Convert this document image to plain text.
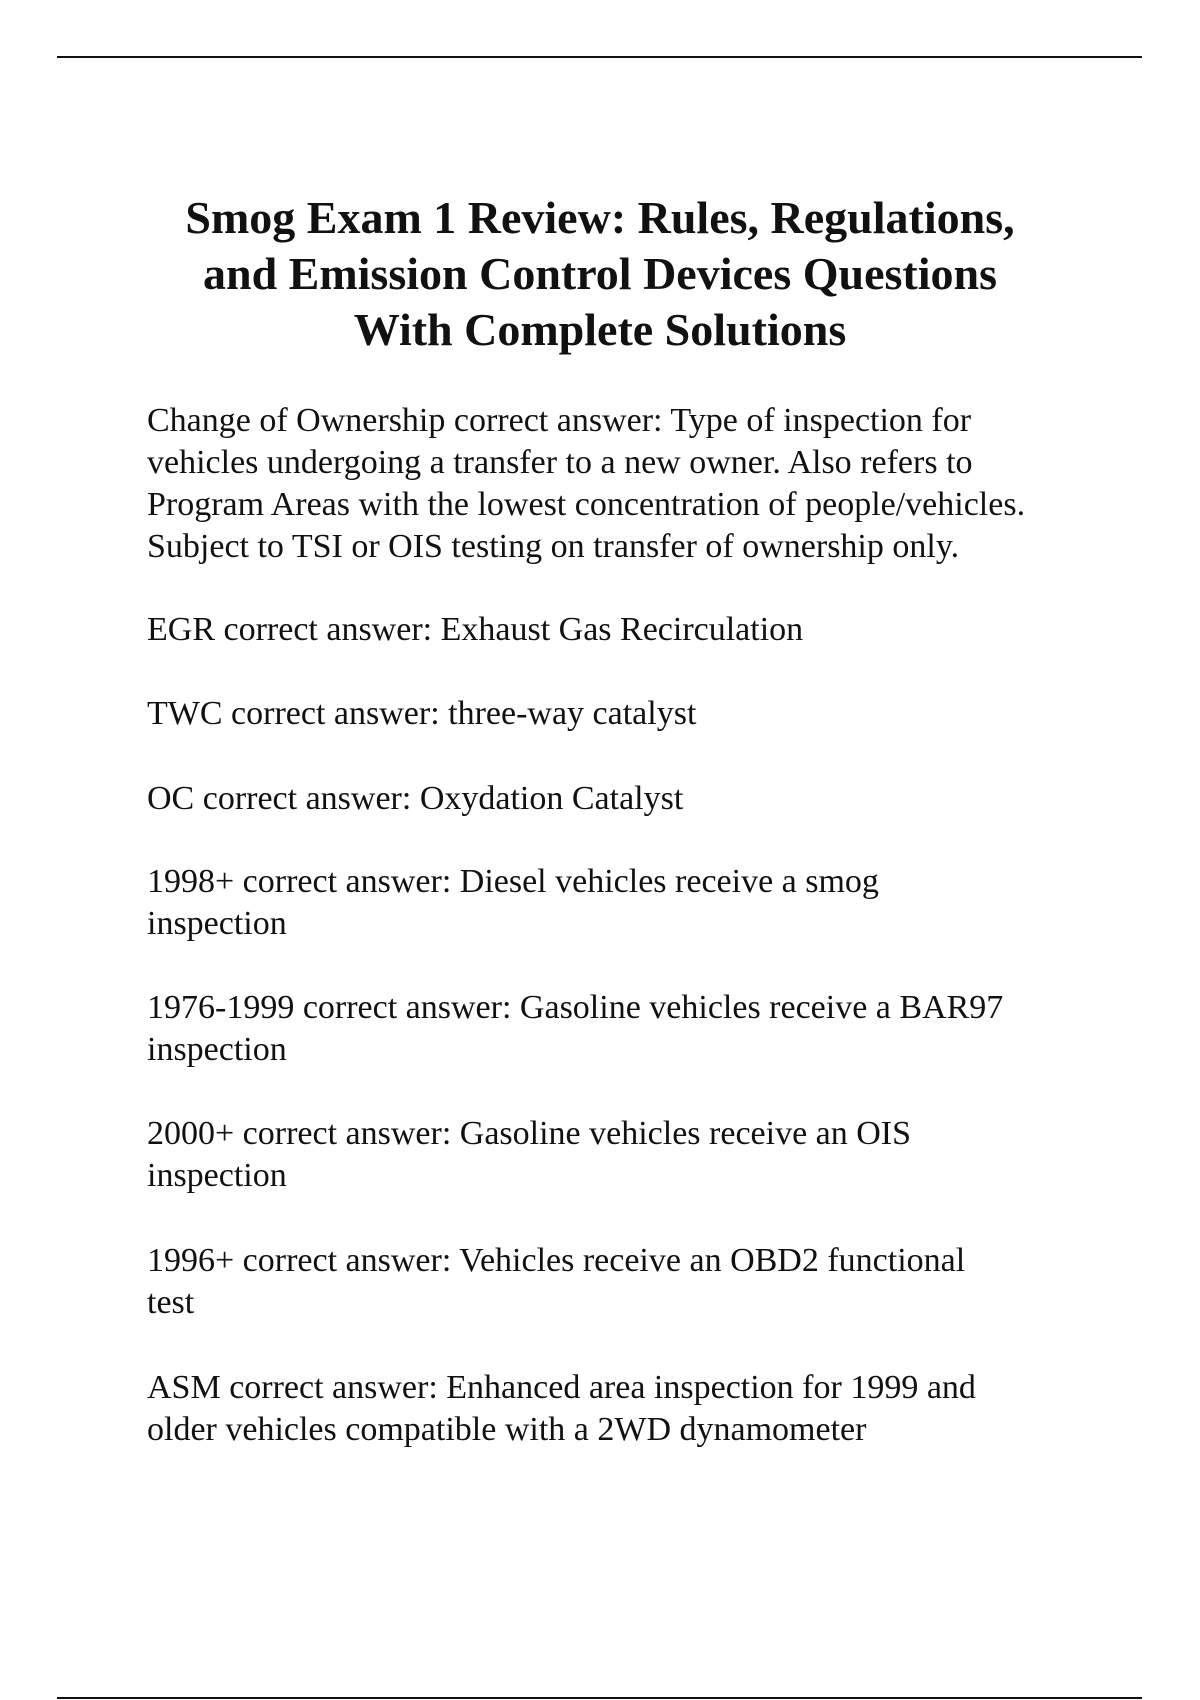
Smog Exam 1 Review: Rules, Regulations,
and Emission Control Devices Questions
With Complete Solutions
Change of Ownership correct answer: Type of inspection for
vehicles undergoing a transfer to a new owner. Also refers to
Program Areas with the lowest concentration of people/vehicles.
Subject to TSI or OIS testing on transfer of ownership only.
EGR correct answer: Exhaust Gas Recirculation
TWC correct answer: three-way catalyst
OC correct answer: Oxydation Catalyst
1998+ correct answer: Diesel vehicles receive a smog
inspection
1976-1999 correct answer: Gasoline vehicles receive a BAR97
inspection
2000+ correct answer: Gasoline vehicles receive an OIS
inspection
1996+ correct answer: Vehicles receive an OBD2 functional
test
ASM correct answer: Enhanced area inspection for 1999 and
older vehicles compatible with a 2WD dynamometer
